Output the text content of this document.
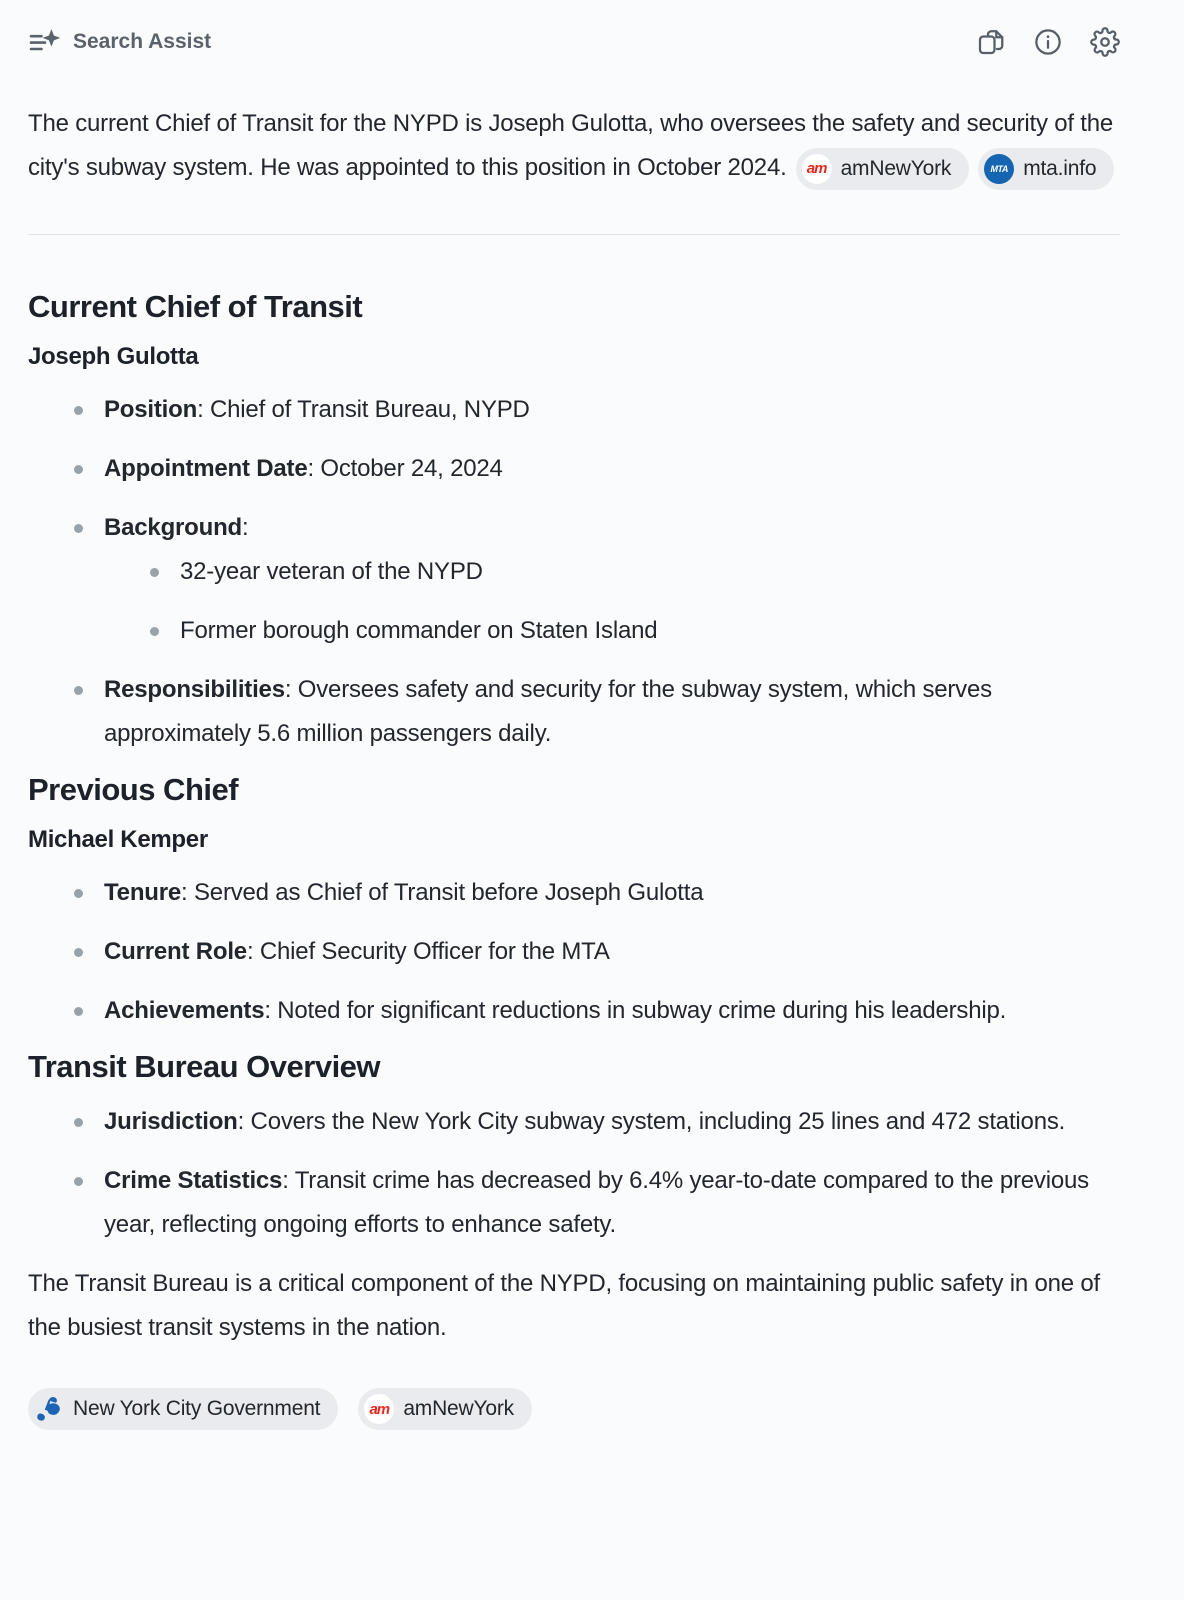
Search Assist

The current Chief of Transit for the NYPD is Joseph Gulotta, who oversees the safety and security of the city's subway system. He was appointed to this position in October 2024.	am amNewYork	MTA mta.info

Current Chief of Transit
Joseph Gulotta
Position: Chief of Transit Bureau, NYPD
Appointment Date: October 24, 2024
Background:
32-year veteran of the NYPD
Former borough commander on Staten Island
Responsibilities: Oversees safety and security for the subway system, which serves approximately 5.6 million passengers daily.
Previous Chief
Michael Kemper
Tenure: Served as Chief of Transit before Joseph Gulotta
Current Role: Chief Security Officer for the MTA
Achievements: Noted for significant reductions in subway crime during his leadership.
Transit Bureau Overview
Jurisdiction: Covers the New York City subway system, including 25 lines and 472 stations.
Crime Statistics: Transit crime has decreased by 6.4% year-to-date compared to the previous year, reflecting ongoing efforts to enhance safety.

The Transit Bureau is a critical component of the NYPD, focusing on maintaining public safety in one of the busiest transit systems in the nation.

New York City Government	am amNewYork
